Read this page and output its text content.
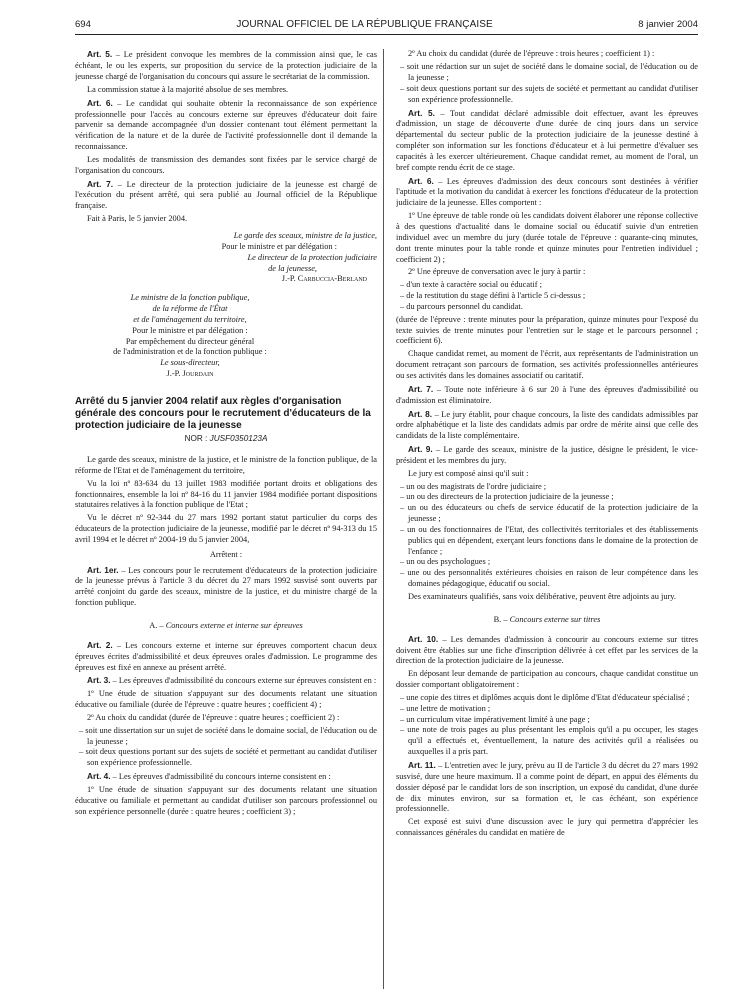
694	JOURNAL OFFICIEL DE LA RÉPUBLIQUE FRANÇAISE	8 janvier 2004

Art. 5. – Le président convoque les membres de la commission ainsi que, le cas échéant, le ou les experts, sur proposition du service de la protection judiciaire de la jeunesse chargé de l'organisation du concours qui assure le secrétariat de la commission.

La commission statue à la majorité absolue de ses membres.

Art. 6. – Le candidat qui souhaite obtenir la reconnaissance de son expérience professionnelle pour l'accès au concours externe sur épreuves d'éducateur doit faire parvenir sa demande accompagnée d'un dossier contenant tout élément permettant la vérification de la nature et de la durée de l'activité professionnelle dont il demande la reconnaissance.

Les modalités de transmission des demandes sont fixées par le service chargé de l'organisation du concours.

Art. 7. – Le directeur de la protection judiciaire de la jeunesse est chargé de l'exécution du présent arrêté, qui sera publié au Journal officiel de la République française.

Fait à Paris, le 5 janvier 2004.

Le garde des sceaux, ministre de la justice,

Pour le ministre et par délégation :

Le directeur de la protection judiciaire

de la jeunesse,

J.-P. Carbuccia-Berland

Le ministre de la fonction publique,

de la réforme de l'État

et de l'aménagement du territoire,

Pour le ministre et par délégation :

Par empêchement du directeur général

de l'administration et de la fonction publique :

Le sous-directeur,

J.-P. Jourdain

Arrêté du 5 janvier 2004 relatif aux règles d'organisation générale des concours pour le recrutement d'éducateurs de la protection judiciaire de la jeunesse
NOR : JUSF0350123A

Le garde des sceaux, ministre de la justice, et le ministre de la fonction publique, de la réforme de l'Etat et de l'aménagement du territoire,

Vu la loi nº 83-634 du 13 juillet 1983 modifiée portant droits et obligations des fonctionnaires, ensemble la loi nº 84-16 du 11 janvier 1984 modifiée portant dispositions statutaires relatives à la fonction publique de l'Etat ;

Vu le décret nº 92-344 du 27 mars 1992 portant statut particulier du corps des éducateurs de la protection judiciaire de la jeunesse, modifié par le décret nº 94-313 du 15 avril 1994 et le décret nº 2004-19 du 5 janvier 2004,

Arrêtent :

Art. 1er. – Les concours pour le recrutement d'éducateurs de la protection judiciaire de la jeunesse prévus à l'article 3 du décret du 27 mars 1992 susvisé sont ouverts par arrêté conjoint du garde des sceaux, ministre de la justice, et du ministre chargé de la fonction publique.

A. – Concours externe et interne sur épreuves

Art. 2. – Les concours externe et interne sur épreuves comportent chacun deux épreuves écrites d'admissibilité et deux épreuves orales d'admission. Le programme des épreuves est fixé en annexe au présent arrêté.

Art. 3. – Les épreuves d'admissibilité du concours externe sur épreuves consistent en :

1º Une étude de situation s'appuyant sur des documents relatant une situation éducative ou familiale (durée de l'épreuve : quatre heures ; coefficient 4) ;

2º Au choix du candidat (durée de l'épreuve : quatre heures ; coefficient 2) :

– soit une dissertation sur un sujet de société dans le domaine social, de l'éducation ou de la jeunesse ;
– soit deux questions portant sur des sujets de société et permettant au candidat d'utiliser son expérience professionnelle.

Art. 4. – Les épreuves d'admissibilité du concours interne consistent en :

1º Une étude de situation s'appuyant sur des documents relatant une situation éducative ou familiale et permettant au candidat d'utiliser son parcours professionnel ou son expérience personnelle (durée : quatre heures ; coefficient 3) ;

2º Au choix du candidat (durée de l'épreuve : trois heures ; coefficient 1) :

– soit une rédaction sur un sujet de société dans le domaine social, de l'éducation ou de la jeunesse ;
– soit deux questions portant sur des sujets de société et permettant au candidat d'utiliser son expérience professionnelle.

Art. 5. – Tout candidat déclaré admissible doit effectuer, avant les épreuves d'admission, un stage de découverte d'une durée de cinq jours dans un service départemental du secteur public de la protection judiciaire de la jeunesse destiné à compléter son information sur les fonctions d'éducateur et à lui permettre d'évaluer ses capacités à les exercer ultérieurement. Chaque candidat remet, au moment de l'oral, un bref compte rendu écrit de ce stage.

Art. 6. – Les épreuves d'admission des deux concours sont destinées à vérifier l'aptitude et la motivation du candidat à exercer les fonctions d'éducateur de la protection judiciaire de la jeunesse. Elles comportent :

1º Une épreuve de table ronde où les candidats doivent élaborer une réponse collective à des questions d'actualité dans le domaine social ou éducatif suivie d'un entretien individuel avec un membre du jury (durée totale de l'épreuve : quarante-cinq minutes, dont trente minutes pour la table ronde et quinze minutes pour l'entretien individuel ; coefficient 2) ;

2º Une épreuve de conversation avec le jury à partir :

– d'un texte à caractère social ou éducatif ;
– de la restitution du stage défini à l'article 5 ci-dessus ;
– du parcours personnel du candidat.

(durée de l'épreuve : trente minutes pour la préparation, quinze minutes pour l'exposé du texte suivies de trente minutes pour l'entretien sur le stage et le parcours personnel ; coefficient 6).

Chaque candidat remet, au moment de l'écrit, aux représentants de l'administration un document retraçant son parcours de formation, ses activités professionnelles antérieures ou ses activités dans les domaines associatif ou caritatif.

Art. 7. – Toute note inférieure à 6 sur 20 à l'une des épreuves d'admissibilité ou d'admission est éliminatoire.

Art. 8. – Le jury établit, pour chaque concours, la liste des candidats admissibles par ordre alphabétique et la liste des candidats admis par ordre de mérite ainsi que celle des candidats de la liste complémentaire.

Art. 9. – Le garde des sceaux, ministre de la justice, désigne le président, le vice-président et les membres du jury.

Le jury est composé ainsi qu'il suit :

– un ou des magistrats de l'ordre judiciaire ;
– un ou des directeurs de la protection judiciaire de la jeunesse ;
– un ou des éducateurs ou chefs de service éducatif de la protection judiciaire de la jeunesse ;
– un ou des fonctionnaires de l'Etat, des collectivités territoriales et des établissements publics qui en dépendent, exerçant leurs fonctions dans le domaine de la protection de l'enfance ;
– un ou des psychologues ;
– une ou des personnalités extérieures choisies en raison de leur compétence dans les domaines pédagogique, éducatif ou social.

Des examinateurs qualifiés, sans voix délibérative, peuvent être adjoints au jury.

B. – Concours externe sur titres

Art. 10. – Les demandes d'admission à concourir au concours externe sur titres doivent être établies sur une fiche d'inscription délivrée à cet effet par les services de la direction de la protection judiciaire de la jeunesse.

En déposant leur demande de participation au concours, chaque candidat constitue un dossier comportant obligatoirement :

– une copie des titres et diplômes acquis dont le diplôme d'Etat d'éducateur spécialisé ;
– une lettre de motivation ;
– un curriculum vitae impérativement limité à une page ;
– une note de trois pages au plus présentant les emplois qu'il a pu occuper, les stages qu'il a effectués et, éventuellement, la nature des activités qu'il a réalisées ou auxquelles il a pris part.

Art. 11. – L'entretien avec le jury, prévu au II de l'article 3 du décret du 27 mars 1992 susvisé, dure une heure maximum. Il a comme point de départ, en appui des éléments du dossier déposé par le candidat lors de son inscription, un exposé du candidat, d'une durée de dix minutes environ, sur sa formation et, le cas échéant, son expérience professionnelle.

Cet exposé est suivi d'une discussion avec le jury qui permettra d'apprécier les connaissances générales du candidat en matière de
